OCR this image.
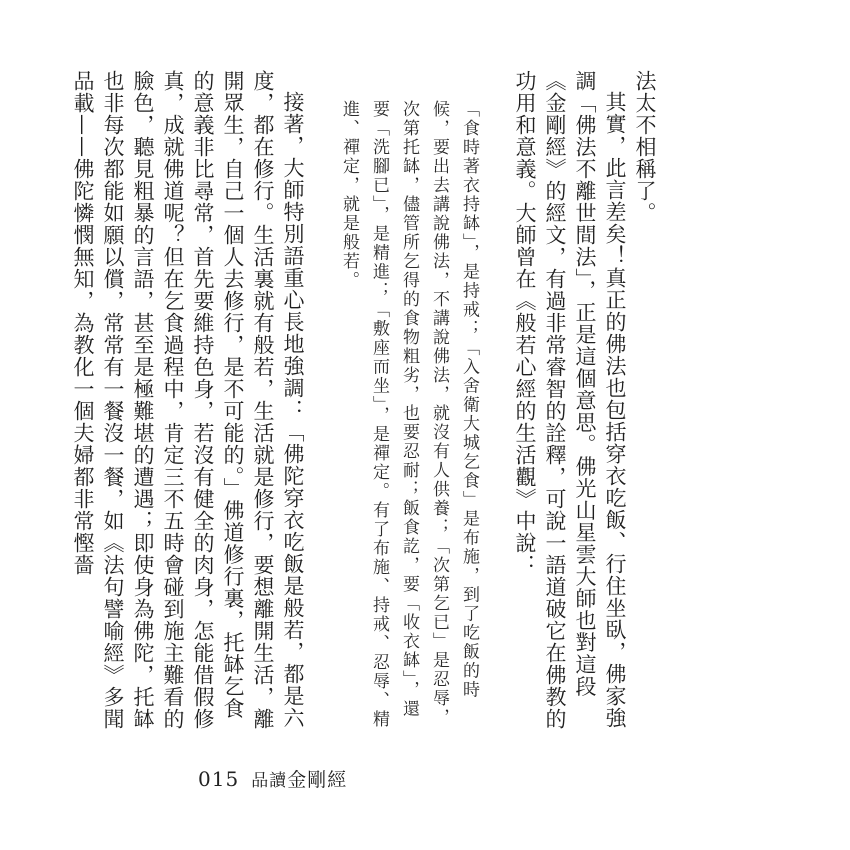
法太不相稱了。

其實，此言差矣！真正的佛法也包括穿衣吃飯、行住坐臥，佛家強調「佛法不離世間法」，正是這個意思。佛光山星雲大師也對這段《金剛經》的經文，有過非常睿智的詮釋，可說一語道破它在佛教的功用和意義。大師曾在《般若心經的生活觀》中說：

「食時著衣持缽」，是持戒；「入舍衛大城乞食」是布施，到了吃飯的時候，要出去講說佛法，不講說佛法，就沒有人供養；「次第乞已」是忍辱，次第托缽，儘管所乞得的食物粗劣，也要忍耐；飯食訖，要「收衣缽」，還要「洗腳已」，是精進；「敷座而坐」，是禪定。有了布施、持戒、忍辱、精進、禪定，就是般若。

接著，大師特別語重心長地強調：「佛陀穿衣吃飯是般若，都是六度，都在修行。生活裏就有般若，生活就是修行，要想離開生活，離開眾生，自己一個人去修行，是不可能的。」佛道修行裏，托缽乞食的意義非比尋常，首先要維持色身，若沒有健全的肉身，怎能借假修真，成就佛道呢？但在乞食過程中，肯定三不五時會碰到施主難看的臉色，聽見粗暴的言語，甚至是極難堪的遭遇；即使身為佛陀，托缽也非每次都能如願以償，常常有一餐沒一餐，如《法句譬喻經》多聞品載——佛陀憐憫無知，為教化一個夫婦都非常慳嗇

015 品讀金剛經
